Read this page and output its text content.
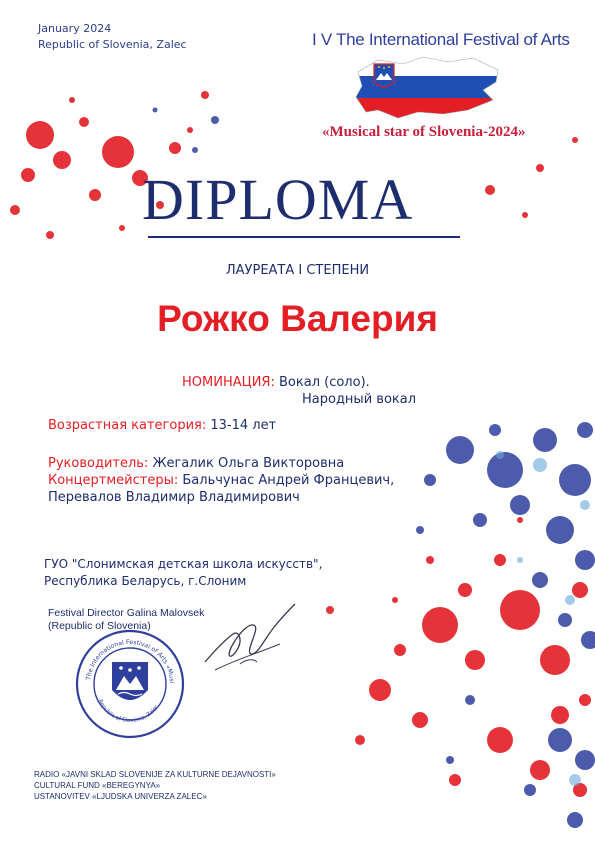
January 2024
Republic of Slovenia, Zalec	I V The International Festival of Arts
«Musical star of Slovenia-2024»
DIPLOMA
ЛАУРЕАТА I СТЕПЕНИ
Рожко Валерия
НОМИНАЦИЯ: Вокал (соло).
Народный вокал
Возрастная категория: 13-14 лет
Руководитель: Жегалик Ольга Викторовна
Концертмейстеры: Бальчунас Андрей Францевич,
Перевалов Владимир Владимирович
ГУО "Слонимская детская школа искусств",
Республика Беларусь, г.Слоним
Festival Director Galina Malovsek
(Republic of Slovenia)
The International Festival of Arts «Musi
Republic of Slovenia, Zalec
RADIO «JAVNI SKLAD SLOVENIJE ZA KULTURNE DEJAVNOSTI»
CULTURAL FUND «BEREGYNYA»
USTANOVITEV «LJUDSKA UNIVERZA ZALEC»
